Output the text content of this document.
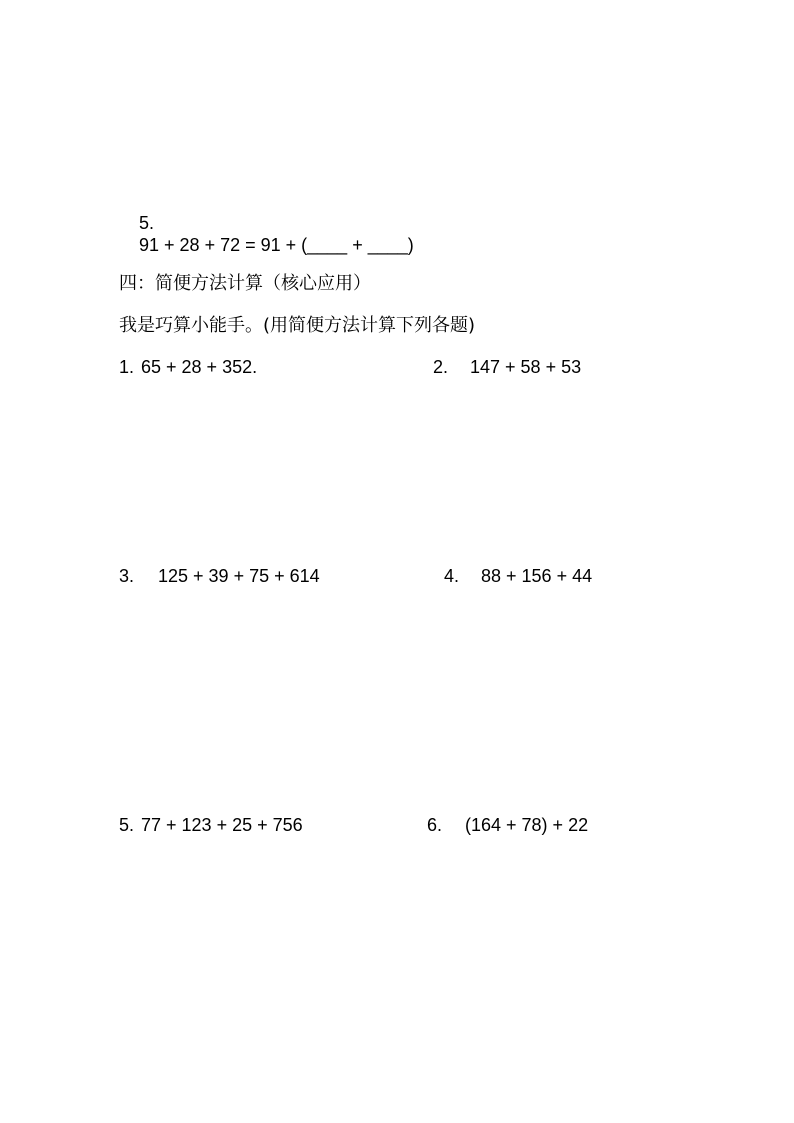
5.
91 + 28 + 72 = 91 + (____ + ____)

四：简便方法计算（核心应用）
我是巧算小能手。(用简便方法计算下列各题)
1. 65 + 28 + 352.	2. 147 + 58 + 53
3. 125 + 39 + 75 + 614	4. 88 + 156 + 44
5. 77 + 123 + 25 + 756	6. (164 + 78) + 22
